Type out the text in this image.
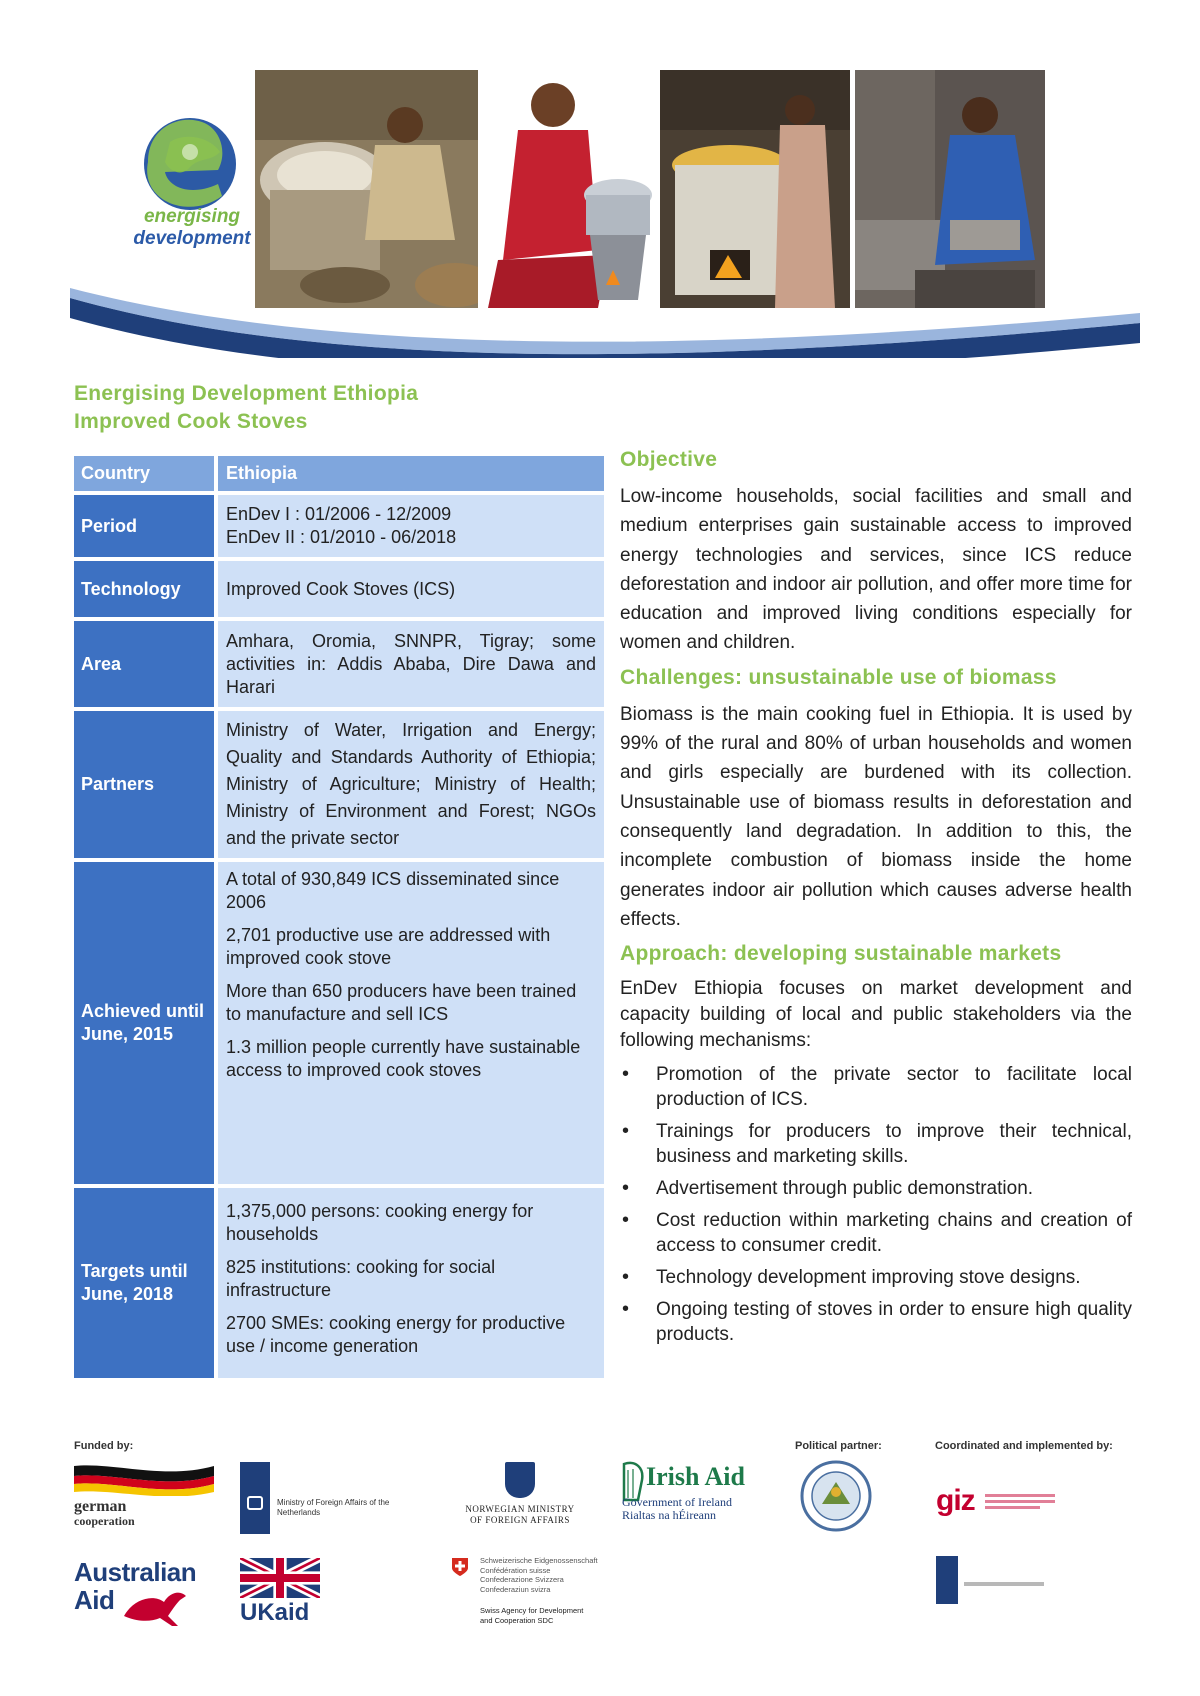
energising
development
Energising Development Ethiopia
Improved Cook Stoves
Country	Ethiopia
Period	EnDev I : 01/2006 - 12/2009
EnDev II : 01/2010 - 06/2018

Technology	Improved Cook Stoves (ICS)
Area	Amhara, Oromia, SNNPR, Tigray; some activities in: Addis Ababa, Dire Dawa and Harari
Partners	Ministry of Water, Irrigation and Energy; Quality and Standards Authority of Ethiopia; Ministry of Agriculture; Ministry of Health; Ministry of Environment and Forest; NGOs and the private sector
Achieved until June, 2015	A total of 930,849 ICS disseminated since 2006

2,701 productive use are addressed with improved cook stove

More than 650 producers have been trained to manufacture and sell ICS

1.3 million people currently have sustainable access to improved cook stoves

Targets until June, 2018	1,375,000 persons: cooking energy for households

825 institutions: cooking for social infrastructure

2700 SMEs: cooking energy for productive use / income generation

Objective

Low-income households, social facilities and small and medium enterprises gain sustainable access to improved energy technologies and services, since ICS reduce deforestation and indoor air pollution, and offer more time for education and improved living conditions especially for women and children.

Challenges: unsustainable use of biomass

Biomass is the main cooking fuel in Ethiopia. It is used by 99% of the rural and 80% of urban households and women and girls especially are burdened with its collection. Unsustainable use of biomass results in deforestation and consequently land degradation. In addition to this, the incomplete combustion of biomass inside the home generates indoor air pollution which causes adverse health effects.

Approach: developing sustainable markets

EnDev Ethiopia focuses on market development and capacity building of local and public stakeholders via the following mechanisms:

• Promotion of the private sector to facilitate local production of ICS.
• Trainings for producers to improve their technical, business and marketing skills.
• Advertisement through public demonstration.
• Cost reduction within marketing chains and creation of access to consumer credit.
• Technology development improving stove designs.
• Ongoing testing of stoves in order to ensure high quality products.
Funded by:	Political partner:	Coordinated and implemented by:
german
cooperation
Ministry of Foreign Affairs of the Netherlands	NORWEGIAN MINISTRY
OF FOREIGN AFFAIRS
Irish Aid
Government of Ireland
Rialtas na hÉireann	giz
Australian
Aid	UKaid
Schweizerische Eidgenossenschaft
Confédération suisse
Confederazione Svizzera
Confederaziun svizra
Swiss Agency for Development
and Cooperation SDC
